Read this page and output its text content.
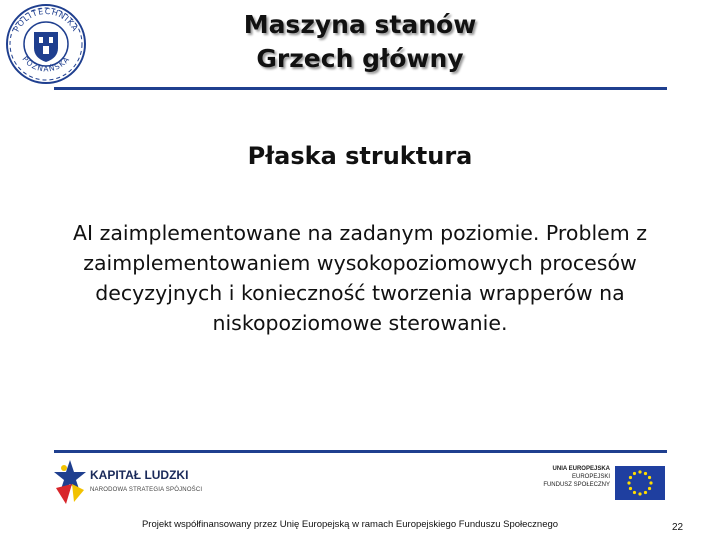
POLITECHNIKA
POZNAŃSKA
Maszyna stanów
Grzech główny
Płaska struktura
AI zaimplementowane na zadanym poziomie. Problem z zaimplementowaniem wysokopoziomowych procesów decyzyjnych i konieczność tworzenia wrapperów na niskopoziomowe sterowanie.
KAPITAŁ LUDZKI
NARODOWA STRATEGIA SPÓJNOŚCI
UNIA EUROPEJSKA
EUROPEJSKI
FUNDUSZ SPOŁECZNY
Projekt współfinansowany przez Unię Europejską w ramach Europejskiego Funduszu Społecznego	22
